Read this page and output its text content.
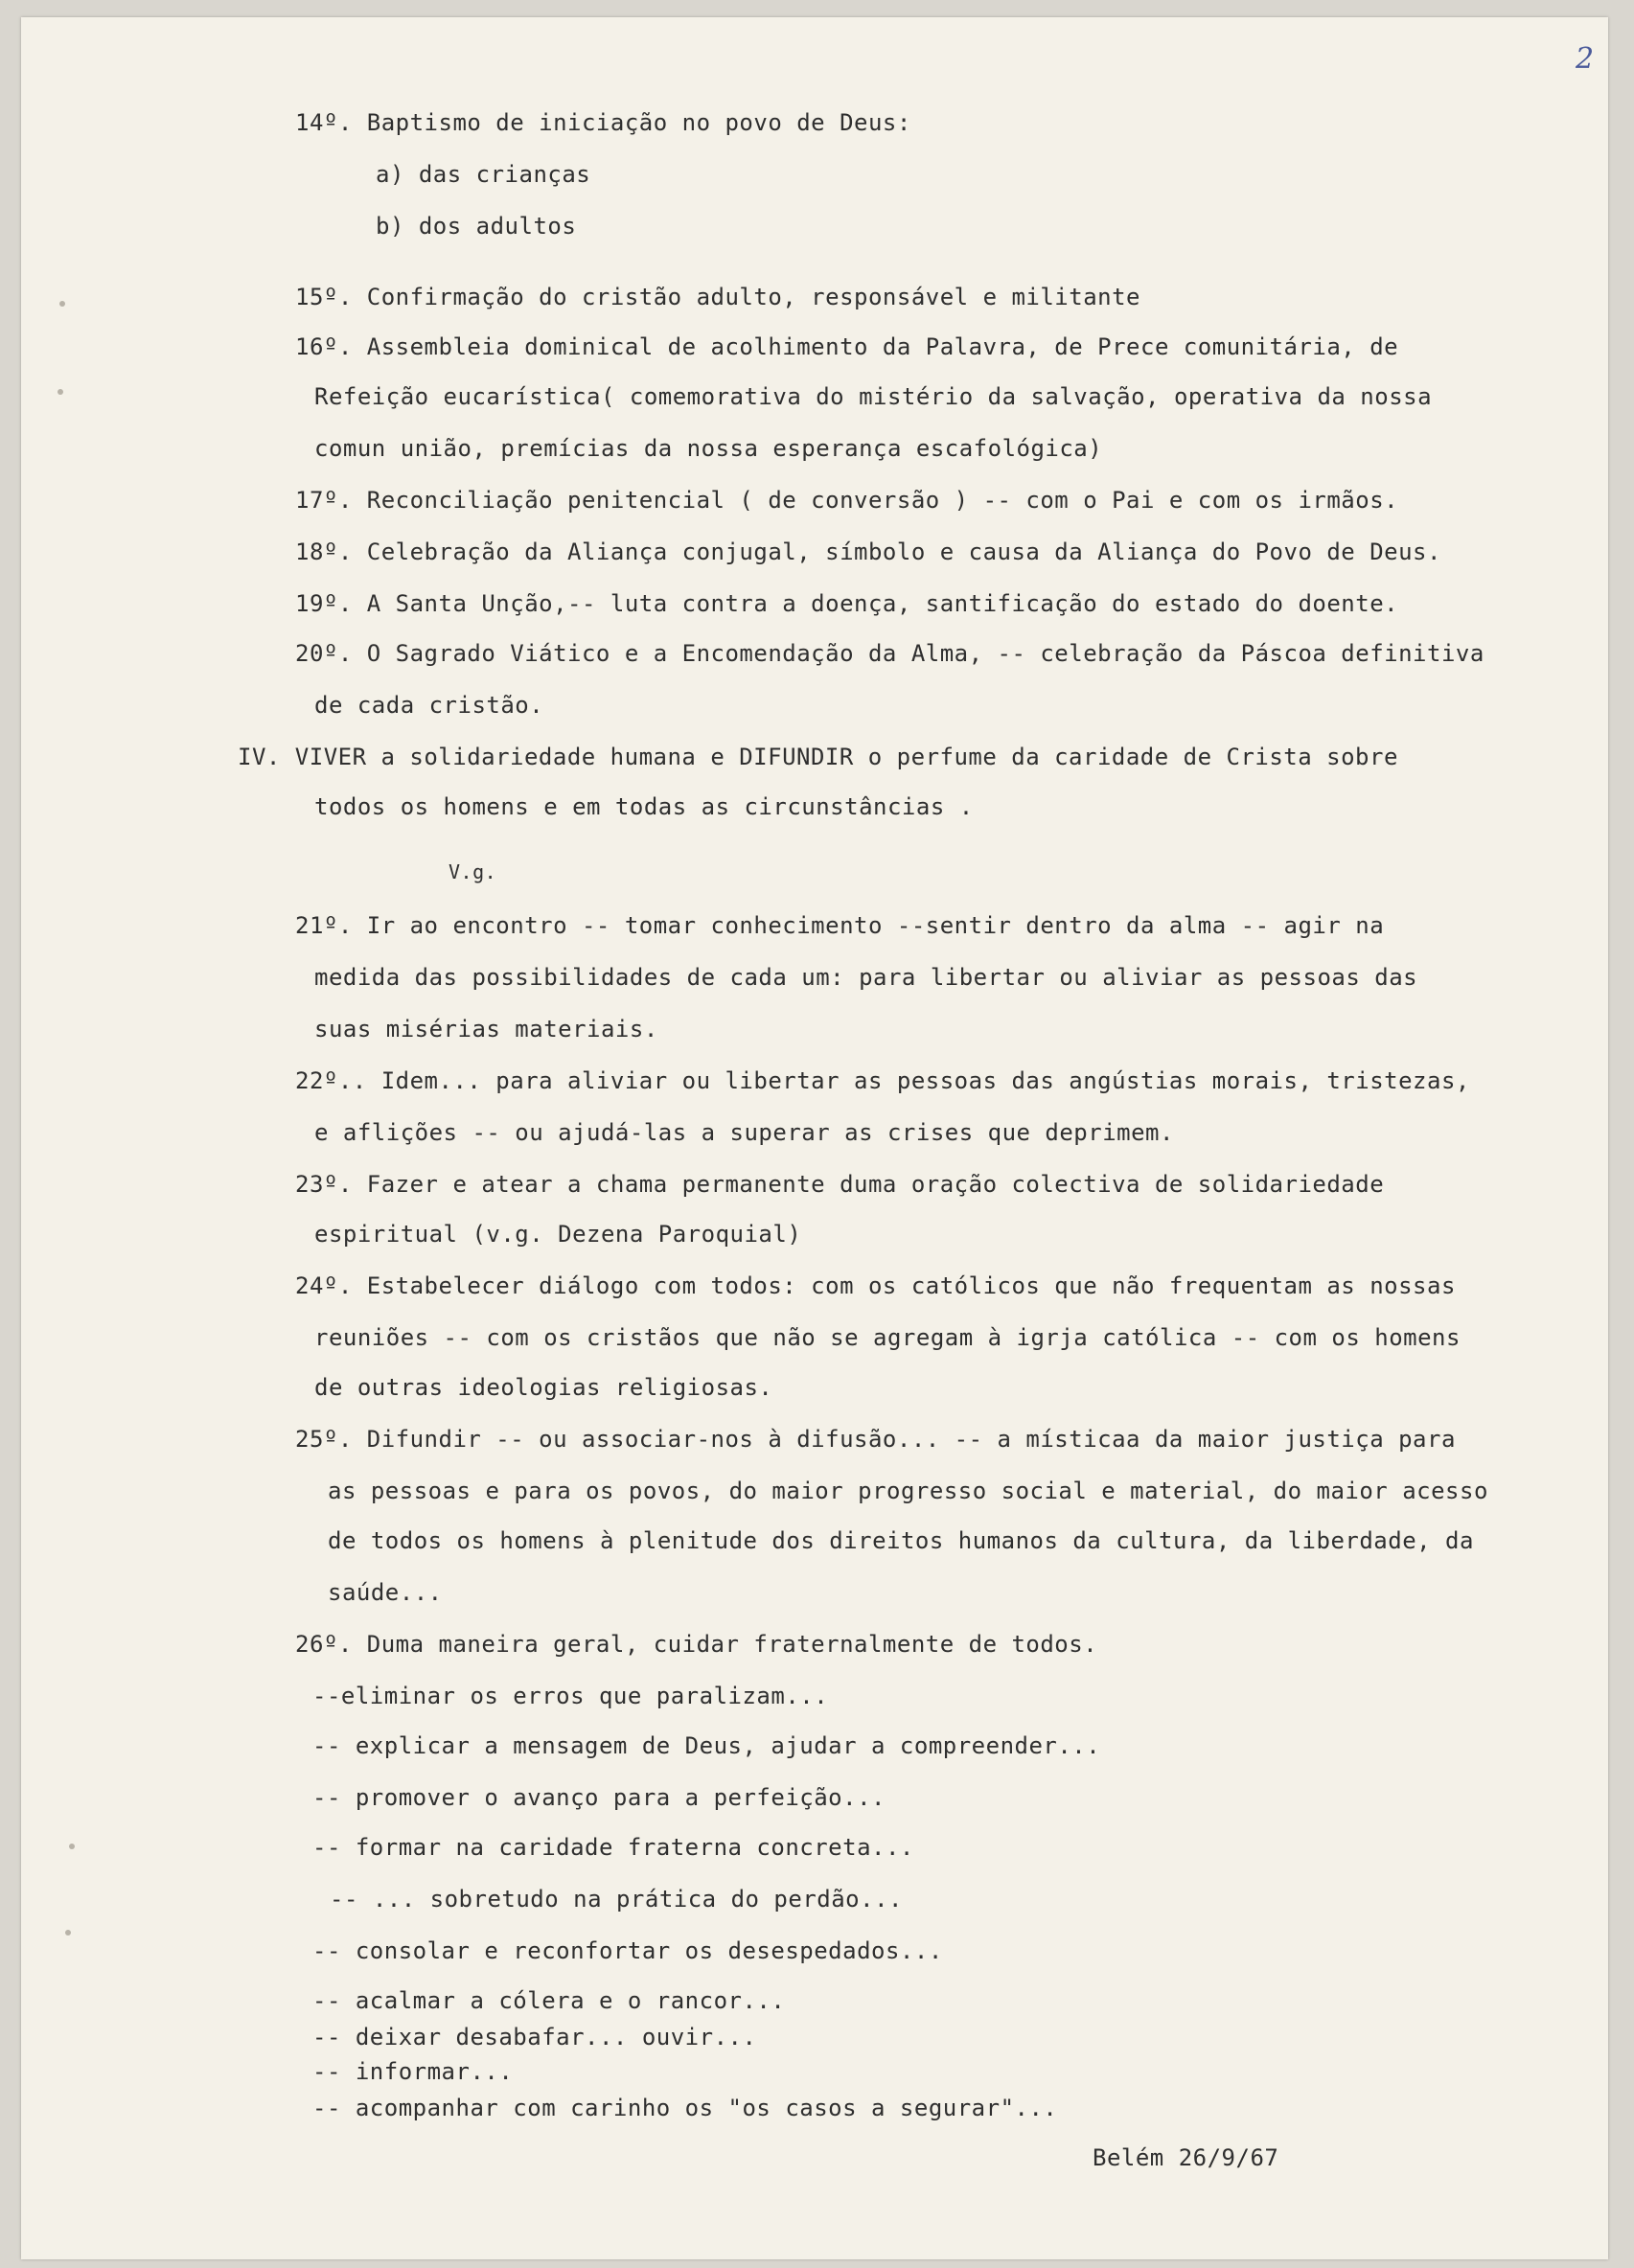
2
14º. Baptismo de iniciação no povo de Deus:
a) das crianças
b) dos adultos
15º. Confirmação do cristão adulto, responsável e militante
16º. Assembleia dominical de acolhimento da Palavra, de Prece comunitária, de
Refeição eucarística( comemorativa do mistério da salvação, operativa da nossa
comun união, premícias da nossa esperança escafológica)
17º. Reconciliação penitencial ( de conversão ) -- com o Pai e com os irmãos.
18º. Celebração da Aliança conjugal, símbolo e causa da Aliança do Povo de Deus.
19º. A Santa Unção,-- luta contra a doença, santificação do estado do doente.
20º. O Sagrado Viático e a Encomendação da Alma, -- celebração da Páscoa definitiva
de cada cristão.
IV. VIVER a solidariedade humana e DIFUNDIR o perfume da caridade de Crista sobre
todos os homens e em todas as circunstâncias .
V.g.
21º. Ir ao encontro -- tomar conhecimento --sentir dentro da alma -- agir na
medida das possibilidades de cada um: para libertar ou aliviar as pessoas das
suas misérias materiais.
22º.. Idem... para aliviar ou libertar as pessoas das angústias morais, tristezas,
e aflições -- ou ajudá-las a superar as crises que deprimem.
23º. Fazer e atear a chama permanente duma oração colectiva de solidariedade
espiritual (v.g. Dezena Paroquial)
24º. Estabelecer diálogo com todos: com os católicos que não frequentam as nossas
reuniões -- com os cristãos que não se agregam à igrja católica -- com os homens
de outras ideologias religiosas.
25º. Difundir -- ou associar-nos à difusão... -- a místicaa da maior justiça para
as pessoas e para os povos, do maior progresso social e material, do maior acesso
de todos os homens à plenitude dos direitos humanos da cultura, da liberdade, da
saúde...
26º. Duma maneira geral, cuidar fraternalmente de todos.
--eliminar os erros que paralizam...
-- explicar a mensagem de Deus, ajudar a compreender...
-- promover o avanço para a perfeição...
-- formar na caridade fraterna concreta...
-- ... sobretudo na prática do perdão...
-- consolar e reconfortar os desespedados...
-- acalmar a cólera e o rancor...
-- deixar desabafar... ouvir...
-- informar...
-- acompanhar com carinho os "os casos a segurar"...
Belém 26/9/67
